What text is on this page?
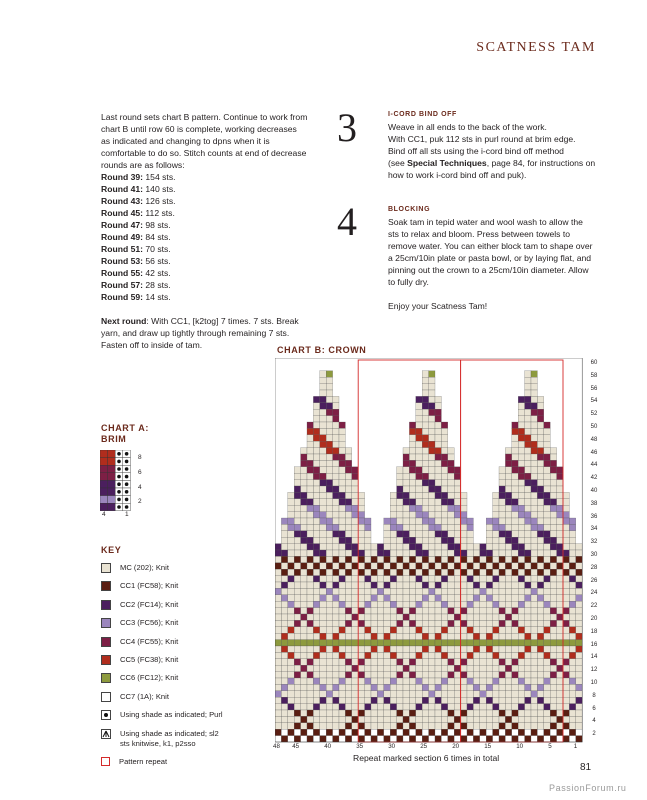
SCATNESS TAM

Last round sets chart B pattern. Continue to work from chart B until row 60 is complete, working decreases as indicated and changing to dpns when it is comfortable to do so. Stitch counts at end of decrease rounds are as follows:

Round 39: 154 sts.

Round 41: 140 sts.

Round 43: 126 sts.

Round 45: 112 sts.

Round 47: 98 sts.

Round 49: 84 sts.

Round 51: 70 sts.

Round 53: 56 sts.

Round 55: 42 sts.

Round 57: 28 sts.

Round 59: 14 sts.

Next round: With CC1, [k2tog] 7 times. 7 sts. Break yarn, and draw up tightly through remaining 7 sts. Fasten off to inside of tam.

3	I-CORD BIND OFF

Weave in all ends to the back of the work.

With CC1, puk 112 sts in purl round at brim edge.

Bind off all sts using the i-cord bind off method

(see Special Techniques, page 84, for instructions on how to work i-cord bind off and puk).

4	BLOCKING

Soak tam in tepid water and wool wash to allow the sts to relax and bloom. Press between towels to remove water. You can either block tam to shape over a 25cm/10in plate or pasta bowl, or by laying flat, and pinning out the crown to a 25cm/10in diameter. Allow to fully dry.

Enjoy your Scatness Tam!

CHART A:
BRIM
8
6
4
2
4	1
KEY
MC (202); Knit
CC1 (FC58); Knit
CC2 (FC14); Knit
CC3 (FC56); Knit
CC4 (FC55); Knit
CC5 (FC38); Knit
CC6 (FC12); Knit
CC7 (1A); Knit
Using shade as indicated; Purl
Using shade as indicated; sl2
sts knitwise, k1, p2sso
Pattern repeat
CHART B: CROWN
60
58
56
54
52
50
48
46
44
42
40
38
36
34
32
30
28
26
24
22
20
18
16
14
12
10
8
6
4
2
48 45	40	35	30	25	20	15	10	5	1
Repeat marked section 6 times in total
81
PassionForum.ru
